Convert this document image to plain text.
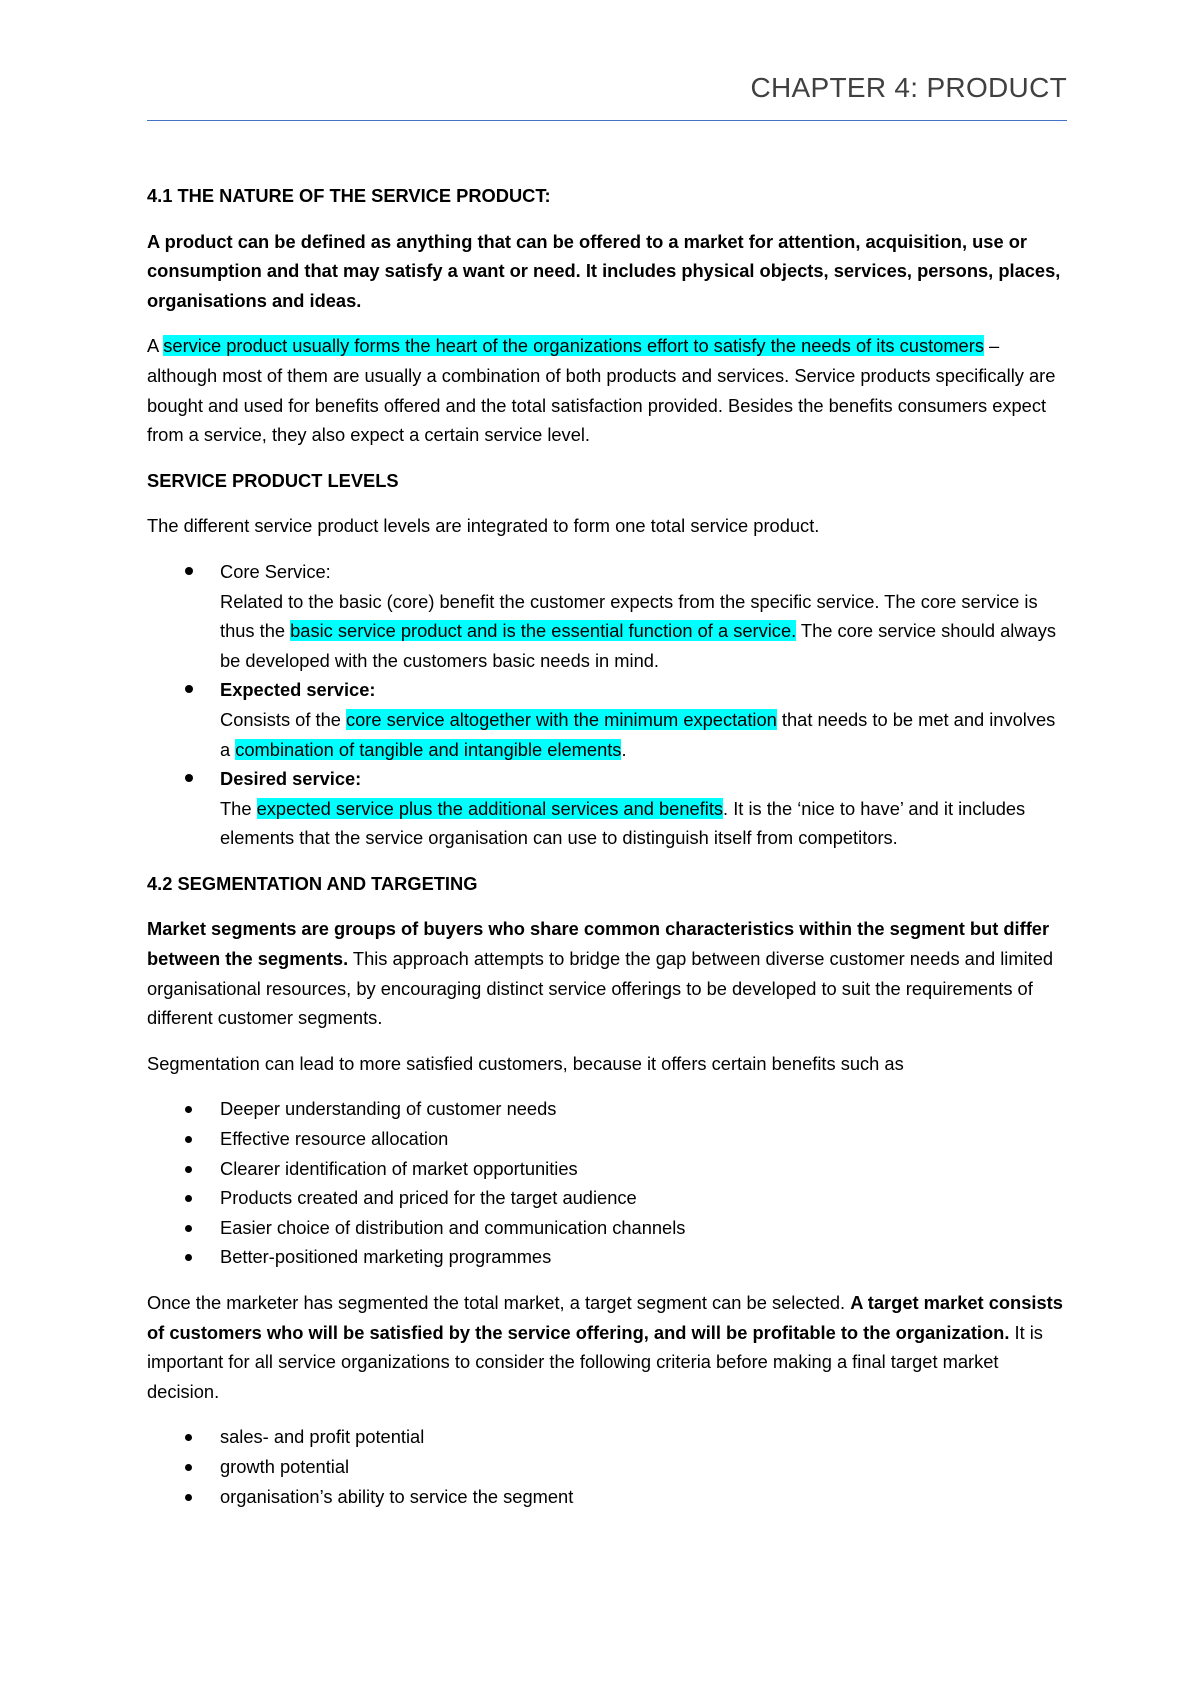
CHAPTER 4: PRODUCT

4.1 THE NATURE OF THE SERVICE PRODUCT:

A product can be defined as anything that can be offered to a market for attention, acquisition, use or consumption and that may satisfy a want or need. It includes physical objects, services, persons, places, organisations and ideas.

A service product usually forms the heart of the organizations effort to satisfy the needs of its customers – although most of them are usually a combination of both products and services. Service products specifically are bought and used for benefits offered and the total satisfaction provided. Besides the benefits consumers expect from a service, they also expect a certain service level.

SERVICE PRODUCT LEVELS

The different service product levels are integrated to form one total service product.

Core Service:
Related to the basic (core) benefit the customer expects from the specific service. The core service is thus the basic service product and is the essential function of a service. The core service should always be developed with the customers basic needs in mind.
Expected service:
Consists of the core service altogether with the minimum expectation that needs to be met and involves a combination of tangible and intangible elements.
Desired service:
The expected service plus the additional services and benefits. It is the ‘nice to have’ and it includes elements that the service organisation can use to distinguish itself from competitors.

4.2 SEGMENTATION AND TARGETING

Market segments are groups of buyers who share common characteristics within the segment but differ between the segments. This approach attempts to bridge the gap between diverse customer needs and limited organisational resources, by encouraging distinct service offerings to be developed to suit the requirements of different customer segments.

Segmentation can lead to more satisfied customers, because it offers certain benefits such as

Deeper understanding of customer needs
Effective resource allocation
Clearer identification of market opportunities
Products created and priced for the target audience
Easier choice of distribution and communication channels
Better-positioned marketing programmes

Once the marketer has segmented the total market, a target segment can be selected. A target market consists of customers who will be satisfied by the service offering, and will be profitable to the organization. It is important for all service organizations to consider the following criteria before making a final target market decision.

sales- and profit potential
growth potential
organisation’s ability to service the segment
